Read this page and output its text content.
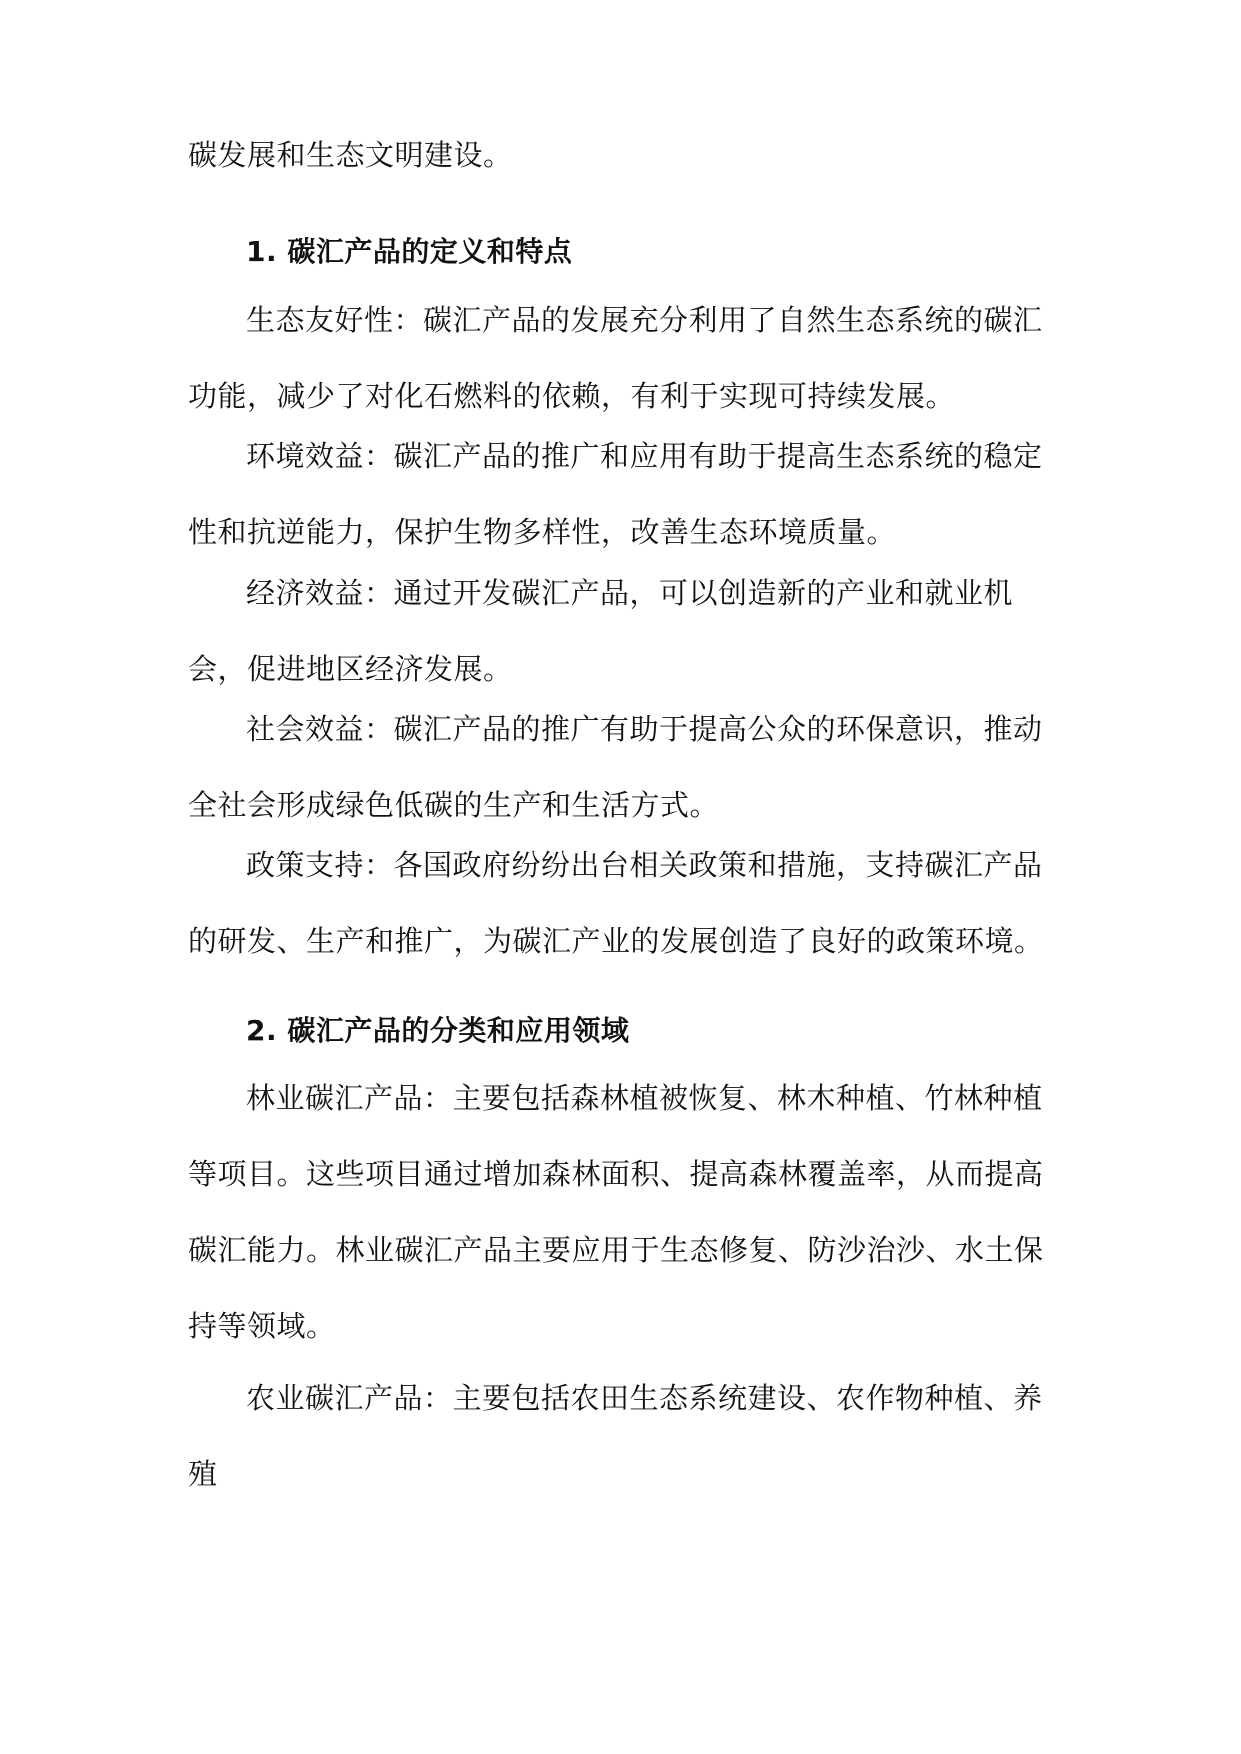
碳发展和生态文明建设。

1. 碳汇产品的定义和特点

生态友好性：碳汇产品的发展充分利用了自然生态系统的碳汇功能，减少了对化石燃料的依赖，有利于实现可持续发展。

环境效益：碳汇产品的推广和应用有助于提高生态系统的稳定性和抗逆能力，保护生物多样性，改善生态环境质量。

经济效益：通过开发碳汇产品，可以创造新的产业和就业机会，促进地区经济发展。

社会效益：碳汇产品的推广有助于提高公众的环保意识，推动全社会形成绿色低碳的生产和生活方式。

政策支持：各国政府纷纷出台相关政策和措施，支持碳汇产品的研发、生产和推广，为碳汇产业的发展创造了良好的政策环境。

2. 碳汇产品的分类和应用领域

林业碳汇产品：主要包括森林植被恢复、林木种植、竹林种植等项目。这些项目通过增加森林面积、提高森林覆盖率，从而提高碳汇能力。林业碳汇产品主要应用于生态修复、防沙治沙、水土保持等领域。

农业碳汇产品：主要包括农田生态系统建设、农作物种植、养殖
